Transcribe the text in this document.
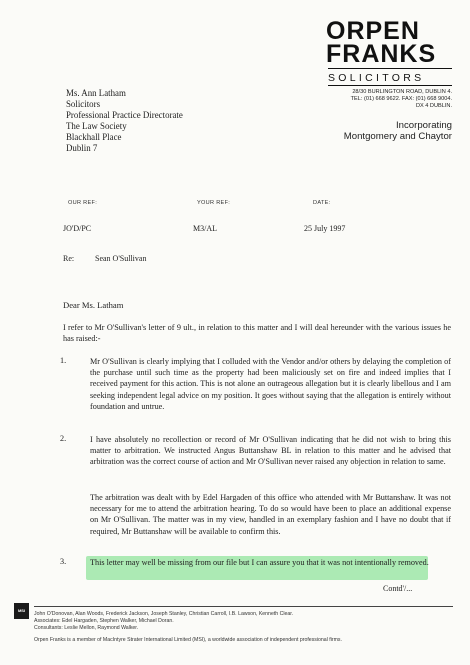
ORPEN
FRANKS
SOLICITORS
28/30 BURLINGTON ROAD, DUBLIN 4.
TEL: (01) 668 9622. FAX: (01) 668 9004.
DX 4 DUBLIN.
Incorporating
Montgomery and Chaytor
Ms. Ann Latham
Solicitors
Professional Practice Directorate
The Law Society
Blackhall Place
Dublin 7
OUR REF:	YOUR REF:	DATE:
JO'D/PC	M3/AL	25 July 1997
Re:	Sean O'Sullivan
Dear Ms. Latham
I refer to Mr O'Sullivan's letter of 9 ult., in relation to this matter and I will deal hereunder with the various issues he has raised:-
1.	Mr O'Sullivan is clearly implying that I colluded with the Vendor and/or others by delaying the completion of the purchase until such time as the property had been maliciously set on fire and indeed implies that I received payment for this action. This is not alone an outrageous allegation but it is clearly libellous and I am seeking independent legal advice on my position. It goes without saying that the allegation is entirely without foundation and untrue.
2.	I have absolutely no recollection or record of Mr O'Sullivan indicating that he did not wish to bring this matter to arbitration. We instructed Angus Buttanshaw BL in relation to this matter and he advised that arbitration was the correct course of action and Mr O'Sullivan never raised any objection in relation to same.
The arbitration was dealt with by Edel Hargaden of this office who attended with Mr Buttanshaw. It was not necessary for me to attend the arbitration hearing. To do so would have been to place an additional expense on Mr O'Sullivan. The matter was in my view, handled in an exemplary fashion and I have no doubt that if required, Mr Buttanshaw will be available to confirm this.
3.	This letter may well be missing from our file but I can assure you that it was not intentionally removed.
Contd'/...
MSI
John O'Donovan, Alan Woods, Frederick Jackson, Joseph Stanley, Christian Carroll, I.B. Lawson, Kenneth Clear.
Associates: Edel Hargaden, Stephen Walker, Michael Doran.
Consultants: Leslie Mellon, Raymond Walker.
Orpen Franks is a member of MacIntyre Strater International Limited (MSI), a worldwide association of independent professional firms.
